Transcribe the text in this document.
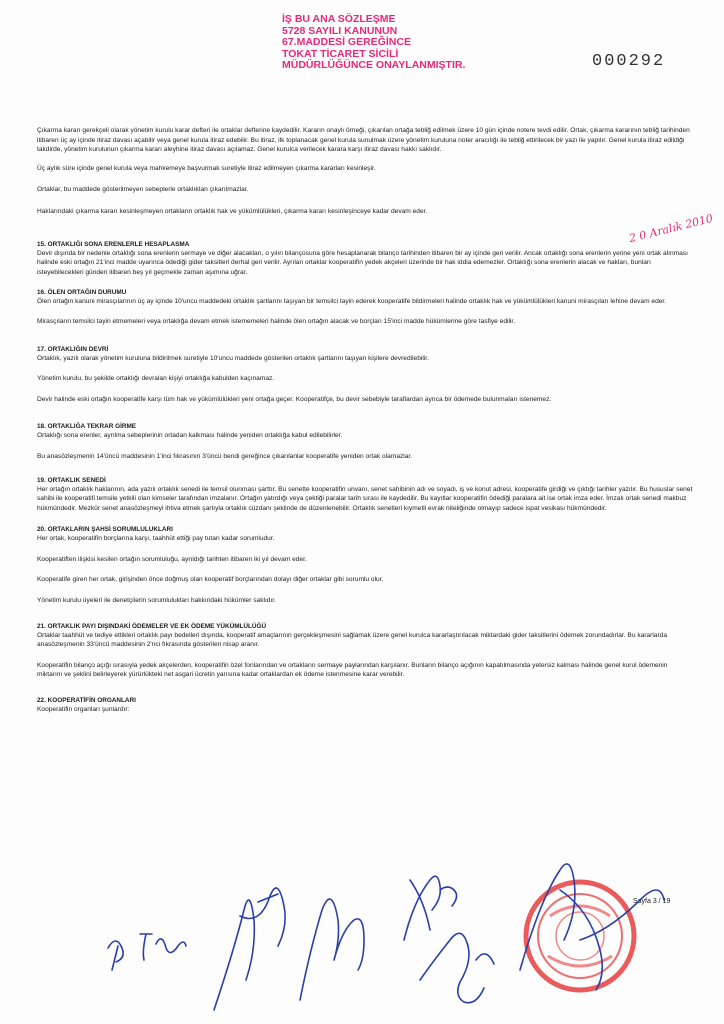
İŞ BU ANA SÖZLEŞME
5728 SAYILI KANUNUN
67.MADDESİ GEREĞİNCE
TOKAT TİCARET SİCİLİ
MÜDÜRLÜĞÜNCE ONAYLANMIŞTIR.	000292
2 0 Aralık 2010

Çıkarma kararı gerekçeli olarak yönetim kurulu karar defteri ile ortaklar defterine kaydedilir. Kararın onaylı örneği, çıkarılan ortağa tebliğ edilmek üzere 10 gün içinde notere tevdi edilir. Ortak, çıkarma kararının tebliğ tarihinden itibaren üç ay içinde itiraz davası açabilir veya genel kurula itiraz edebilir. Bu itiraz, ilk toplanacak genel kurula sunulmak üzere yönetim kuruluna noter aracılığı ile tebliğ ettirilecek bir yazı ile yapılır. Genel kurula itiraz edildiği takdirde, yönetim kurulunun çıkarma kararı aleyhine itiraz davası açılamaz. Genel kurulca verilecek karara karşı itiraz davası hakkı saklıdır.

Üç aylık süre içinde genel kurula veya mahkemeye başvurmak suretiyle itiraz edilmeyen çıkarma kararları kesinleşir.

Ortaklar, bu maddede gösterilmeyen sebeplerle ortaklıktan çıkarılmazlar.

Haklarındaki çıkarma kararı kesinleşmeyen ortakların ortaklık hak ve yükümlülükleri, çıkarma kararı kesinleşinceye kadar devam eder.

15. ORTAKLIĞI SONA ERENLERLE HESAPLASMA

Devir dışında bir nedenle ortaklığı sona erenlerin sermaye ve diğer alacakları, o yılın bilançosuna göre hesaplanarak bilanço tarihinden itibaren bir ay içinde geri verilir. Ancak ortaklığı sona erenlerin yerine yeni ortak alınması halinde eski ortağın 21'inci madde uyarınca ödediği gider taksitleri derhal geri verilir. Ayrılan ortaklar kooperatifin yedek akçeleri üzerinde bir hak iddia edemezler. Ortaklığı sona erenlerin alacak ve hakları, bunları isteyebilecekleri günden itibaren beş yıl geçmekle zaman aşımına uğrar.

16. ÖLEN ORTAĞIN DURUMU

Ölen ortağın kanuni mirasçılarının üç ay içinde 10'uncu maddedeki ortaklık şartlarını taşıyan bir temsilci tayin ederek kooperatife bildirmeleri halinde ortaklık hak ve yükümlülükleri kanuni mirasçıları lehine devam eder.

Mirasçıların temsilci tayin etmemeleri veya ortaklığa devam etmek istememeleri halinde ölen ortağın alacak ve borçları 15'inci madde hükümlerine göre tasfiye edilir.

17. ORTAKLIĞIN DEVRİ

Ortaklık, yazılı olarak yönetim kuruluna bildirilmek suretiyle 10'uncu maddede gösterilen ortaklık şartlarını taşıyan kişilere devredilebilir.

Yönetim kurulu, bu şekilde ortaklığı devralan kişiyi ortaklığa kabulden kaçınamaz.

Devir halinde eski ortağın kooperatife karşı tüm hak ve yükümlülükleri yeni ortağa geçer. Kooperatifçe, bu devir sebebiyle taraflardan ayrıca bir ödemede bulunmaları istenemez.

18. ORTAKLIĞA TEKRAR GİRME

Ortaklığı sona erenler, ayrılma sebeplerinin ortadan kalkması halinde yeniden ortaklığa kabul edilebilirler.

Bu anasözleşmenin 14'üncü maddesinin 1'inci fıkrasının 3'üncü bendi gereğince çıkarılanlar kooperatife yeniden ortak olamazlar.

19. ORTAKLIK SENEDİ

Her ortağın ortaklık haklarının, ada yazılı ortaklık senedi ile temsil olunması şarttır. Bu senette kooperatifin unvanı, senet sahibinin adı ve soyadı, iş ve konut adresi, kooperatife girdiği ve çıktığı tarihler yazılır. Bu hususlar senet sahibi ile kooperatifi temsile yetkili olan kimseler tarafından imzalanır. Ortağın yatırdığı veya çektiği paralar tarih sırası ile kaydedilir. Bu kayıtlar kooperatifin ödediği paralara ait ise ortak imza eder. İmzalı ortak senedi makbuz hükmündedir. Mezkûr senet anasözleşmeyi ihtiva etmek şartıyla ortaklık cüzdanı şeklinde de düzenlenebilir. Ortaklık senetleri kıymetli evrak niteliğinde olmayıp sadece ispat vesikası hükmündedir.

20. ORTAKLARIN ŞAHSİ SORUMLULUKLARI

Her ortak, kooperatifin borçlarına karşı, taahhüt ettiği pay tutarı kadar sorumludur.

Kooperatiften ilişkisi kesilen ortağın sorumluluğu, ayrıldığı tarihten itibaren iki yıl devam eder.

Kooperatife giren her ortak, girişinden önce doğmuş olan kooperatif borçlarından dolayı diğer ortaklar gibi sorumlu olur.

Yönetim kurulu üyeleri ile denetçilerin sorumlulukları hakkındaki hükümler saklıdır.

21. ORTAKLIK PAYI DIŞINDAKİ ÖDEMELER VE EK ÖDEME YÜKÜMLÜLÜĞÜ

Ortaklar taahhüt ve tediye ettikleri ortaklık payı bedelleri dışında, kooperatif amaçlarının gerçekleşmesini sağlamak üzere genel kurulca kararlaştırılacak miktardaki gider taksitlerini ödemek zorundadırlar. Bu kararlarda anasözleşmenin 33'üncü maddesinin 2'nci fıkrasında gösterilen nisap aranır.

Kooperatifin bilanço açığı sırasıyla yedek akçelerden, kooperatifin özel fonlarından ve ortakların sermaye paylarından karşılanır. Bunların bilanço açığının kapatılmasında yetersiz kalması halinde genel kurul ödemenin miktarını ve şeklini belirleyerek yürürlükteki net asgari ücretin yarısına kadar ortaklardan ek ödeme istenmesine karar verebilir.

22. KOOPERATİFİN ORGANLARI

Kooperatifin organları şunlardır:

Sayfa 3 / 19
